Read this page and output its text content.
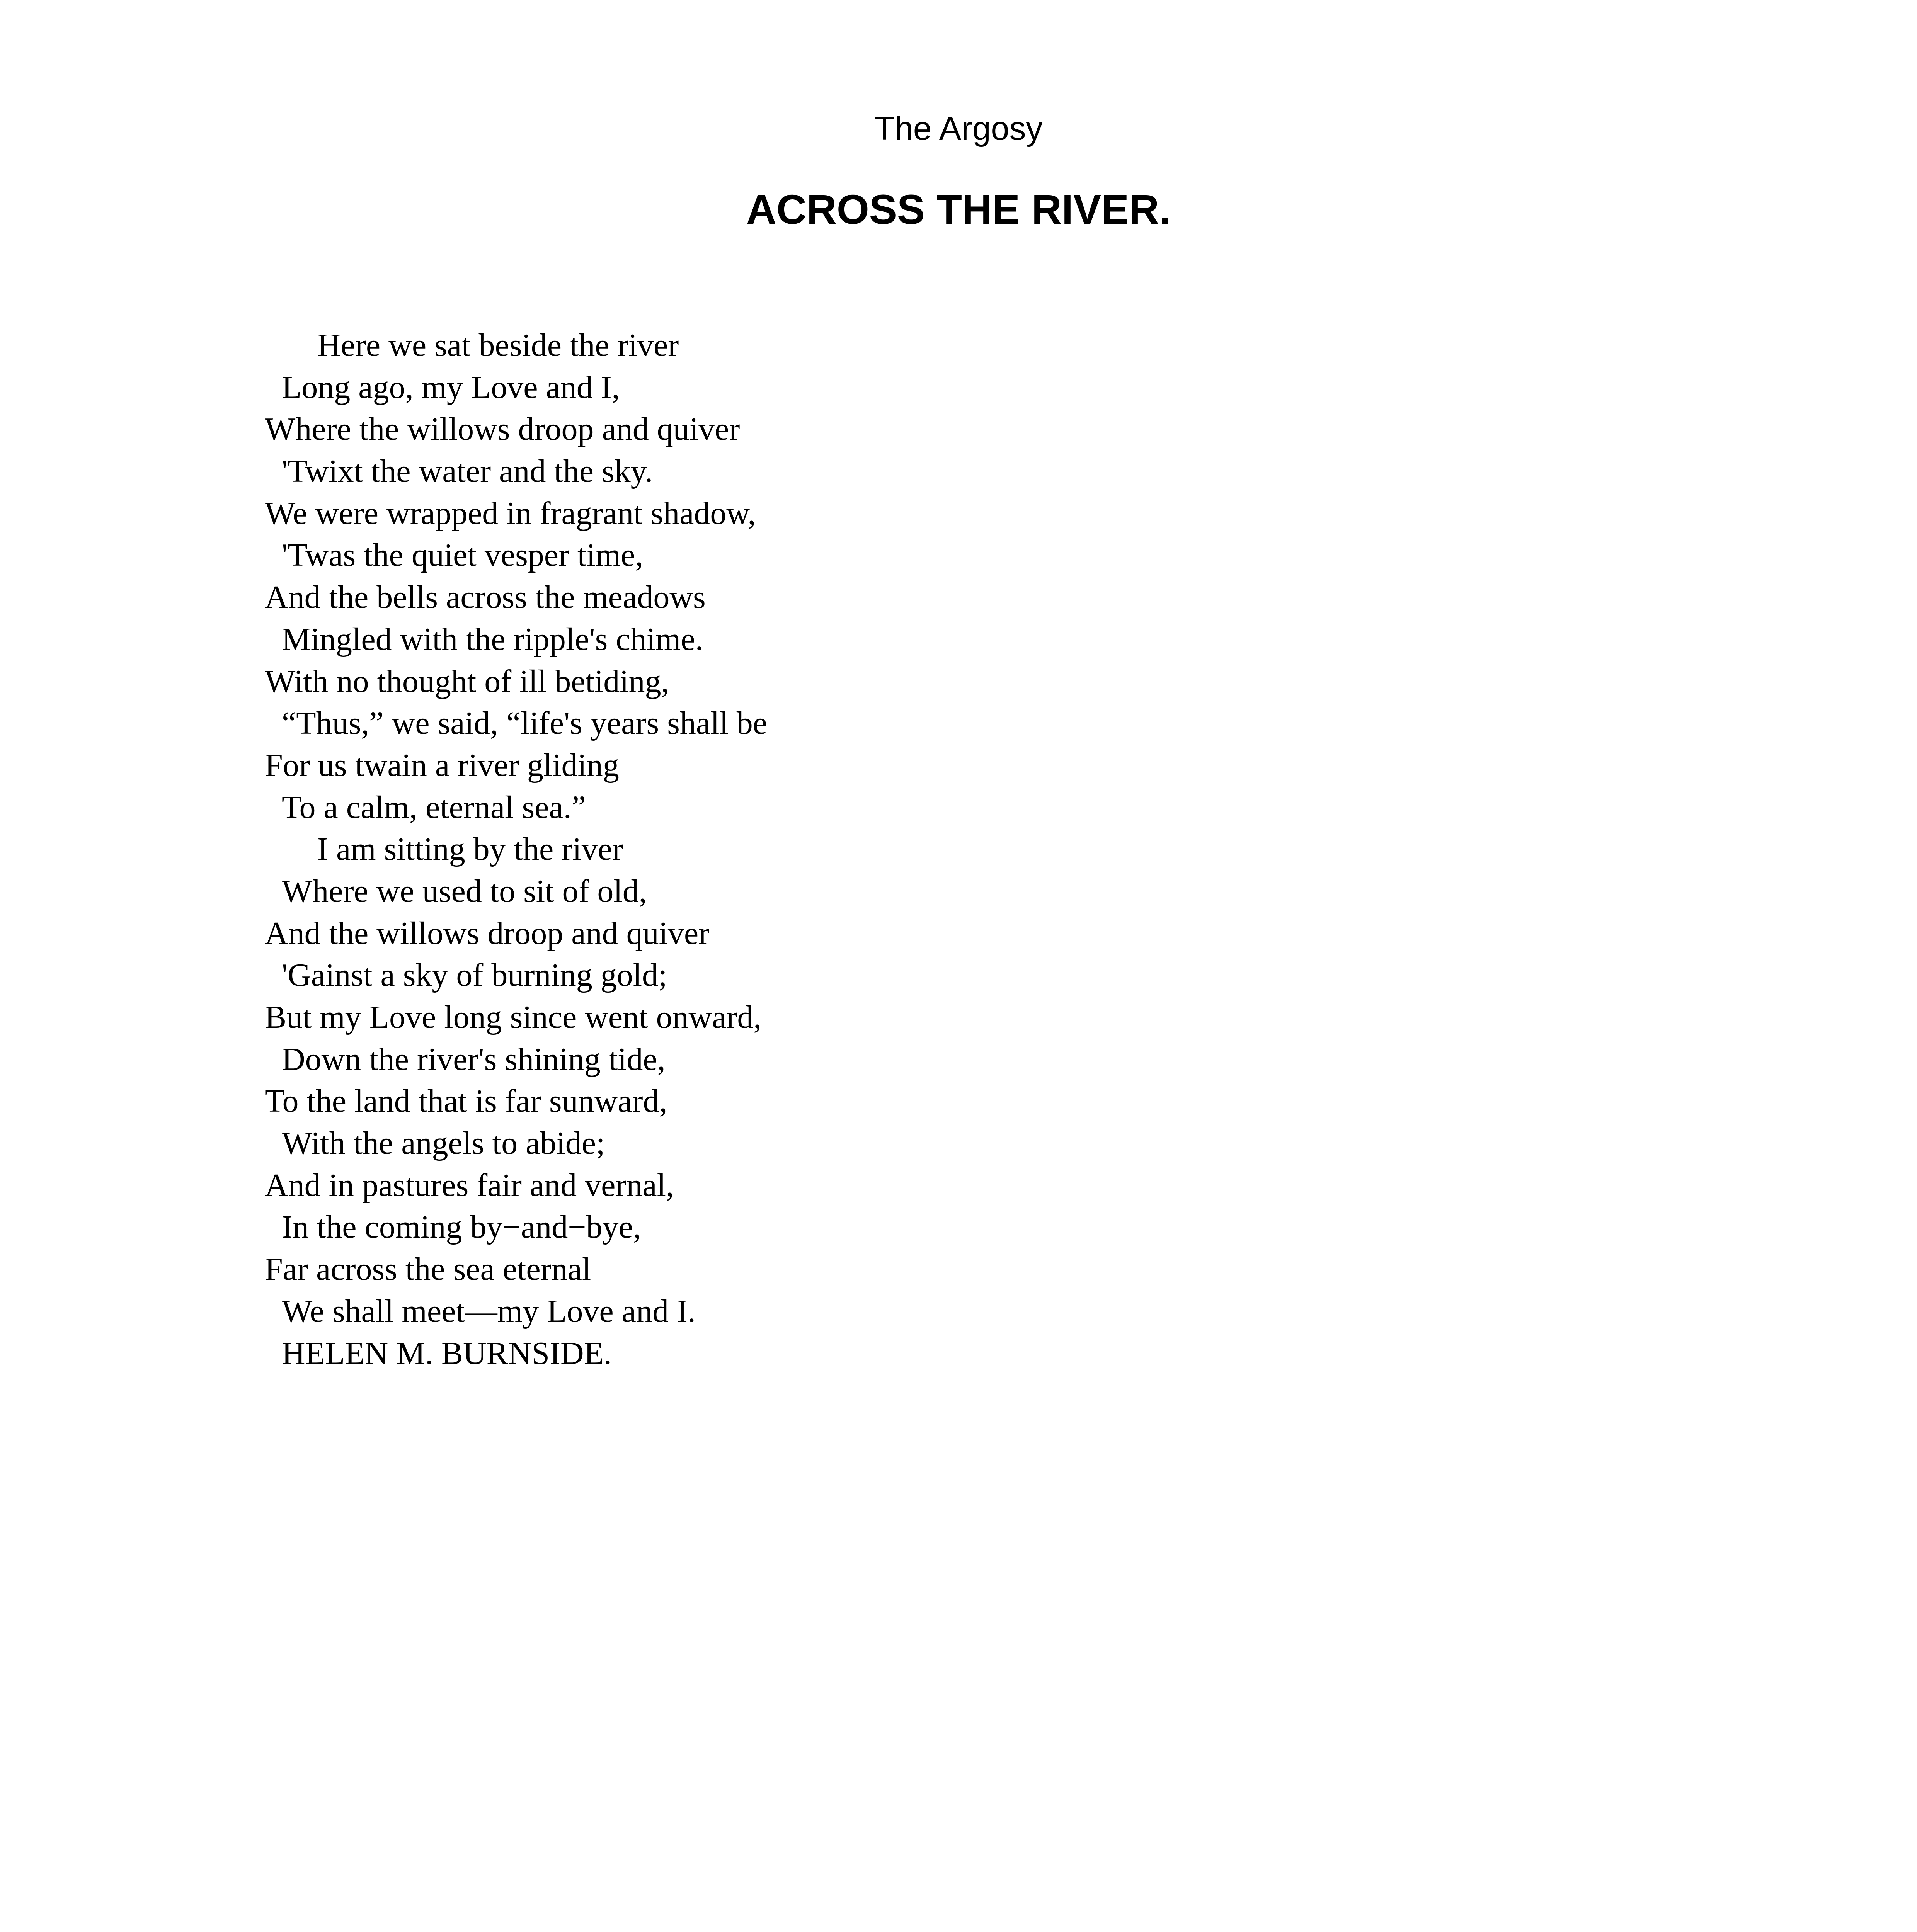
The Argosy
ACROSS THE RIVER.
Here we sat beside the river
Long ago, my Love and I,
Where the willows droop and quiver
'Twixt the water and the sky.
We were wrapped in fragrant shadow,
'Twas the quiet vesper time,
And the bells across the meadows
Mingled with the ripple's chime.
With no thought of ill betiding,
“Thus,” we said, “life's years shall be
For us twain a river gliding
To a calm, eternal sea.”
I am sitting by the river
Where we used to sit of old,
And the willows droop and quiver
'Gainst a sky of burning gold;
But my Love long since went onward,
Down the river's shining tide,
To the land that is far sunward,
With the angels to abide;
And in pastures fair and vernal,
In the coming by−and−bye,
Far across the sea eternal
We shall meet—my Love and I.
HELEN M. BURNSIDE.
